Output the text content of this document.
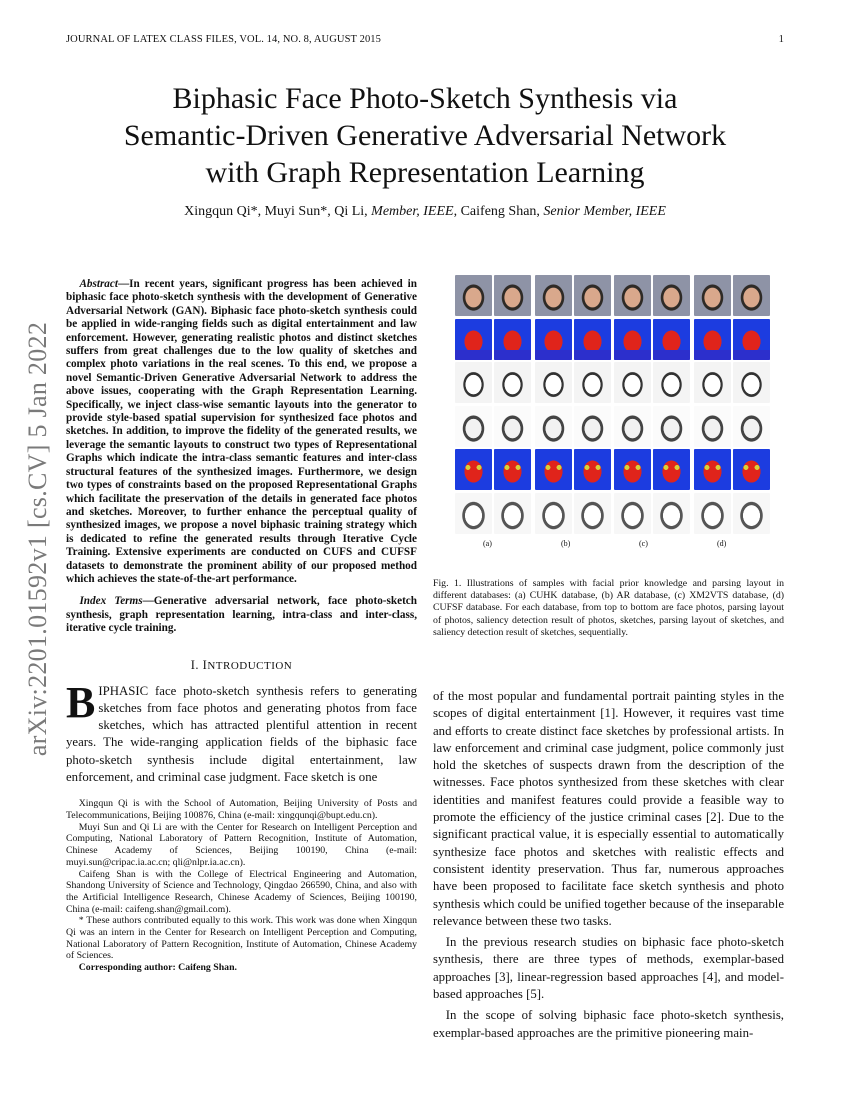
JOURNAL OF LATEX CLASS FILES, VOL. 14, NO. 8, AUGUST 2015	1
arXiv:2201.01592v1 [cs.CV] 5 Jan 2022
Biphasic Face Photo-Sketch Synthesis via
Semantic-Driven Generative Adversarial Network
with Graph Representation Learning
Xingqun Qi*, Muyi Sun*, Qi Li, Member, IEEE, Caifeng Shan, Senior Member, IEEE

Abstract—In recent years, significant progress has been achieved in biphasic face photo-sketch synthesis with the development of Generative Adversarial Network (GAN). Biphasic face photo-sketch synthesis could be applied in wide-ranging fields such as digital entertainment and law enforcement. However, generating realistic photos and distinct sketches suffers from great challenges due to the low quality of sketches and complex photo variations in the real scenes. To this end, we propose a novel Semantic-Driven Generative Adversarial Network to address the above issues, cooperating with the Graph Representation Learning. Specifically, we inject class-wise semantic layouts into the generator to provide style-based spatial supervision for synthesized face photos and sketches. In addition, to improve the fidelity of the generated results, we leverage the semantic layouts to construct two types of Representational Graphs which indicate the intra-class semantic features and inter-class structural features of the synthesized images. Furthermore, we design two types of constraints based on the proposed Representational Graphs which facilitate the preservation of the details in generated face photos and sketches. Moreover, to further enhance the perceptual quality of synthesized images, we propose a novel biphasic training strategy which is dedicated to refine the generated results through Iterative Cycle Training. Extensive experiments are conducted on CUFS and CUFSF datasets to demonstrate the prominent ability of our proposed method which achieves the state-of-the-art performance.

Index Terms—Generative adversarial network, face photo-sketch synthesis, graph representation learning, intra-class and inter-class, iterative cycle training.

I. INTRODUCTION

BIPHASIC face photo-sketch synthesis refers to generating sketches from face photos and generating photos from face sketches, which has attracted plentiful attention in recent years. The wide-ranging application fields of the biphasic face photo-sketch synthesis include digital entertainment, law enforcement, and criminal case judgment. Face sketch is one

Xingqun Qi is with the School of Automation, Beijing University of Posts and Telecommunications, Beijing 100876, China (e-mail: xingqunqi@bupt.edu.cn).

Muyi Sun and Qi Li are with the Center for Research on Intelligent Perception and Computing, National Laboratory of Pattern Recognition, Institute of Automation, Chinese Academy of Sciences, Beijing 100190, China (e-mail: muyi.sun@cripac.ia.ac.cn; qli@nlpr.ia.ac.cn).

Caifeng Shan is with the College of Electrical Engineering and Automation, Shandong University of Science and Technology, Qingdao 266590, China, and also with the Artificial Intelligence Research, Chinese Academy of Sciences, Beijing 100190, China (e-mail: caifeng.shan@gmail.com).

* These authors contributed equally to this work. This work was done when Xingqun Qi was an intern in the Center for Research on Intelligent Perception and Computing, National Laboratory of Pattern Recognition, Institute of Automation, Chinese Academy of Sciences.

Corresponding author: Caifeng Shan.

(a)	(b)	(c)	(d)
Fig. 1. Illustrations of samples with facial prior knowledge and parsing layout in different databases: (a) CUHK database, (b) AR database, (c) XM2VTS database, (d) CUFSF database. For each database, from top to bottom are face photos, parsing layout of photos, saliency detection result of photos, sketches, parsing layout of sketches, and saliency detection result of sketches, sequentially.

of the most popular and fundamental portrait painting styles in the scopes of digital entertainment [1]. However, it requires vast time and efforts to create distinct face sketches by professional artists. In law enforcement and criminal case judgment, police commonly just hold the sketches of suspects drawn from the description of the witnesses. Face photos synthesized from these sketches with clear identities and manifest features could provide a feasible way to promote the efficiency of the justice criminal cases [2]. Due to the significant practical value, it is especially essential to automatically synthesize face photos and sketches with realistic effects and consistent identity preservation. Thus far, numerous approaches have been proposed to facilitate face sketch synthesis and photo synthesis which could be unified together because of the inseparable relevance between these two tasks.

In the previous research studies on biphasic face photo-sketch synthesis, there are three types of methods, exemplar-based approaches [3], linear-regression based approaches [4], and model-based approaches [5].

In the scope of solving biphasic face photo-sketch synthesis, exemplar-based approaches are the primitive pioneering main-
